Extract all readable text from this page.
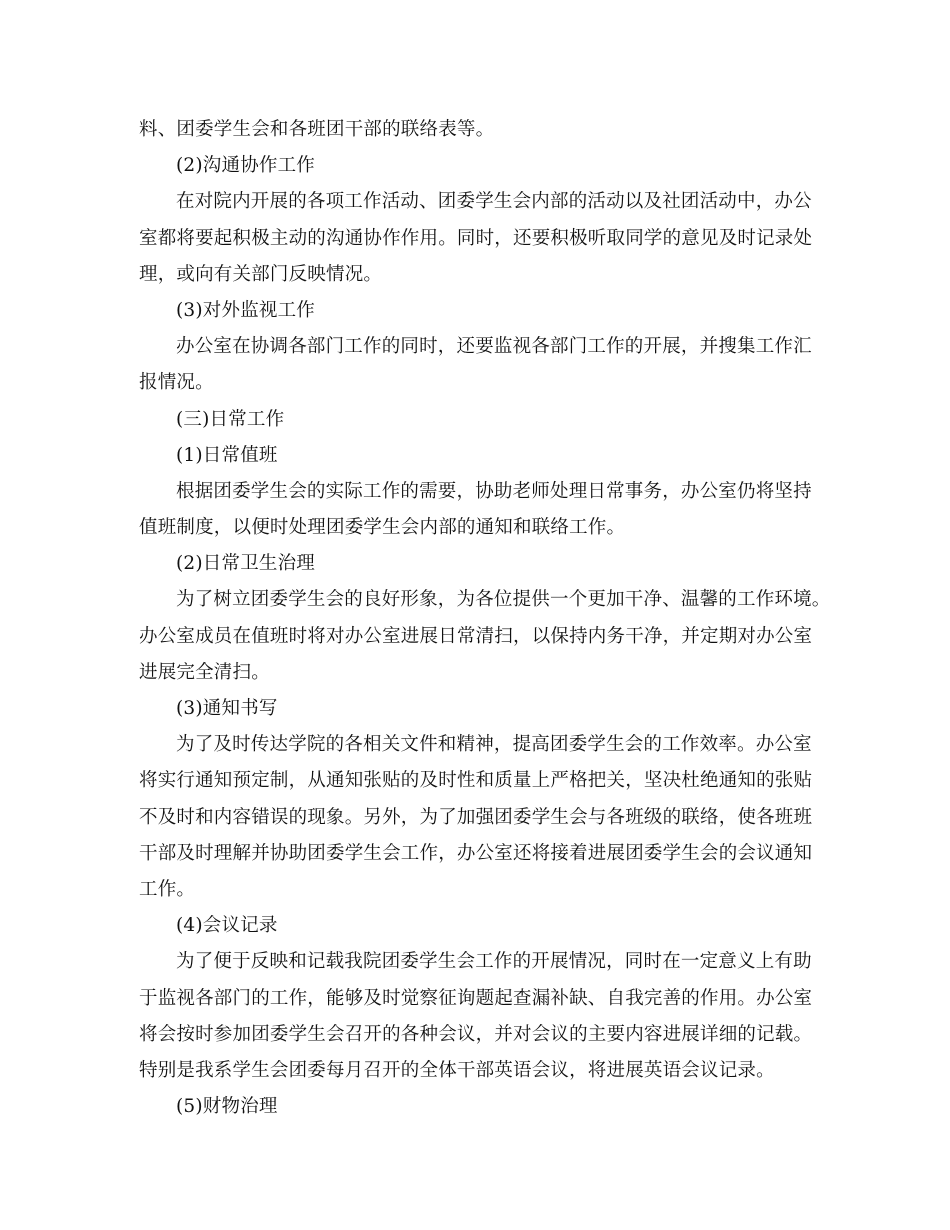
料、团委学生会和各班团干部的联络表等。
(2)沟通协作工作
在对院内开展的各项工作活动、团委学生会内部的活动以及社团活动中，办公
室都将要起积极主动的沟通协作作用。同时，还要积极听取同学的意见及时记录处
理，或向有关部门反映情况。
(3)对外监视工作
办公室在协调各部门工作的同时，还要监视各部门工作的开展，并搜集工作汇
报情况。
(三)日常工作
(1)日常值班
根据团委学生会的实际工作的需要，协助老师处理日常事务，办公室仍将坚持
值班制度，以便时处理团委学生会内部的通知和联络工作。
(2)日常卫生治理
为了树立团委学生会的良好形象，为各位提供一个更加干净、温馨的工作环境。
办公室成员在值班时将对办公室进展日常清扫，以保持内务干净，并定期对办公室
进展完全清扫。
(3)通知书写
为了及时传达学院的各相关文件和精神，提高团委学生会的工作效率。办公室
将实行通知预定制，从通知张贴的及时性和质量上严格把关，坚决杜绝通知的张贴
不及时和内容错误的现象。另外，为了加强团委学生会与各班级的联络，使各班班
干部及时理解并协助团委学生会工作，办公室还将接着进展团委学生会的会议通知
工作。
(4)会议记录
为了便于反映和记载我院团委学生会工作的开展情况，同时在一定意义上有助
于监视各部门的工作，能够及时觉察征询题起查漏补缺、自我完善的作用。办公室
将会按时参加团委学生会召开的各种会议，并对会议的主要内容进展详细的记载。
特别是我系学生会团委每月召开的全体干部英语会议，将进展英语会议记录。
(5)财物治理
